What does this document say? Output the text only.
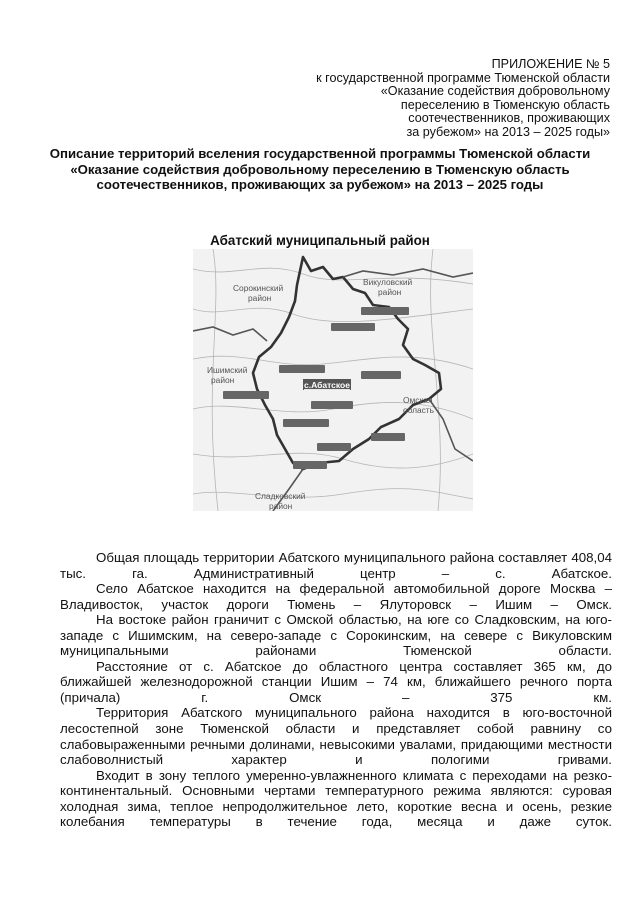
ПРИЛОЖЕНИЕ № 5
к государственной программе Тюменской области
«Оказание содействия добровольному
переселению в Тюменскую область
соотечественников, проживающих
за рубежом» на 2013 – 2025 годы»
Описание территорий вселения государственной программы Тюменской области «Оказание содействия добровольному переселению в Тюменскую область соотечественников, проживающих за рубежом» на 2013 – 2025 годы
Абатский муниципальный район
с.Абатское
Сорокинский
район
Викуловский
район
Ишимский
район
Омская
область
Сладковский
район

Общая площадь территории Абатского муниципального района составляет 408,04 тыс. га. Административный центр – с. Абатское.

Село Абатское находится на федеральной автомобильной дороге Москва – Владивосток, участок дороги Тюмень – Ялуторовск – Ишим – Омск.

На востоке район граничит с Омской областью, на юге со Сладковским, на юго-западе с Ишимским, на северо-западе с Сорокинским, на севере с Викуловским муниципальными районами Тюменской области.

Расстояние от с. Абатское до областного центра составляет 365 км, до ближайшей железнодорожной станции Ишим – 74 км, ближайшего речного порта (причала) г. Омск – 375 км.

Территория Абатского муниципального района находится в юго-восточной лесостепной зоне Тюменской области и представляет собой равнину со слабовыраженными речными долинами, невысокими увалами, придающими местности слабоволнистый характер и пологими гривами.

Входит в зону теплого умеренно-увлажненного климата с переходами на резко-континентальный. Основными чертами температурного режима являются: суровая холодная зима, теплое непродолжительное лето, короткие весна и осень, резкие колебания температуры в течение года, месяца и даже суток.
